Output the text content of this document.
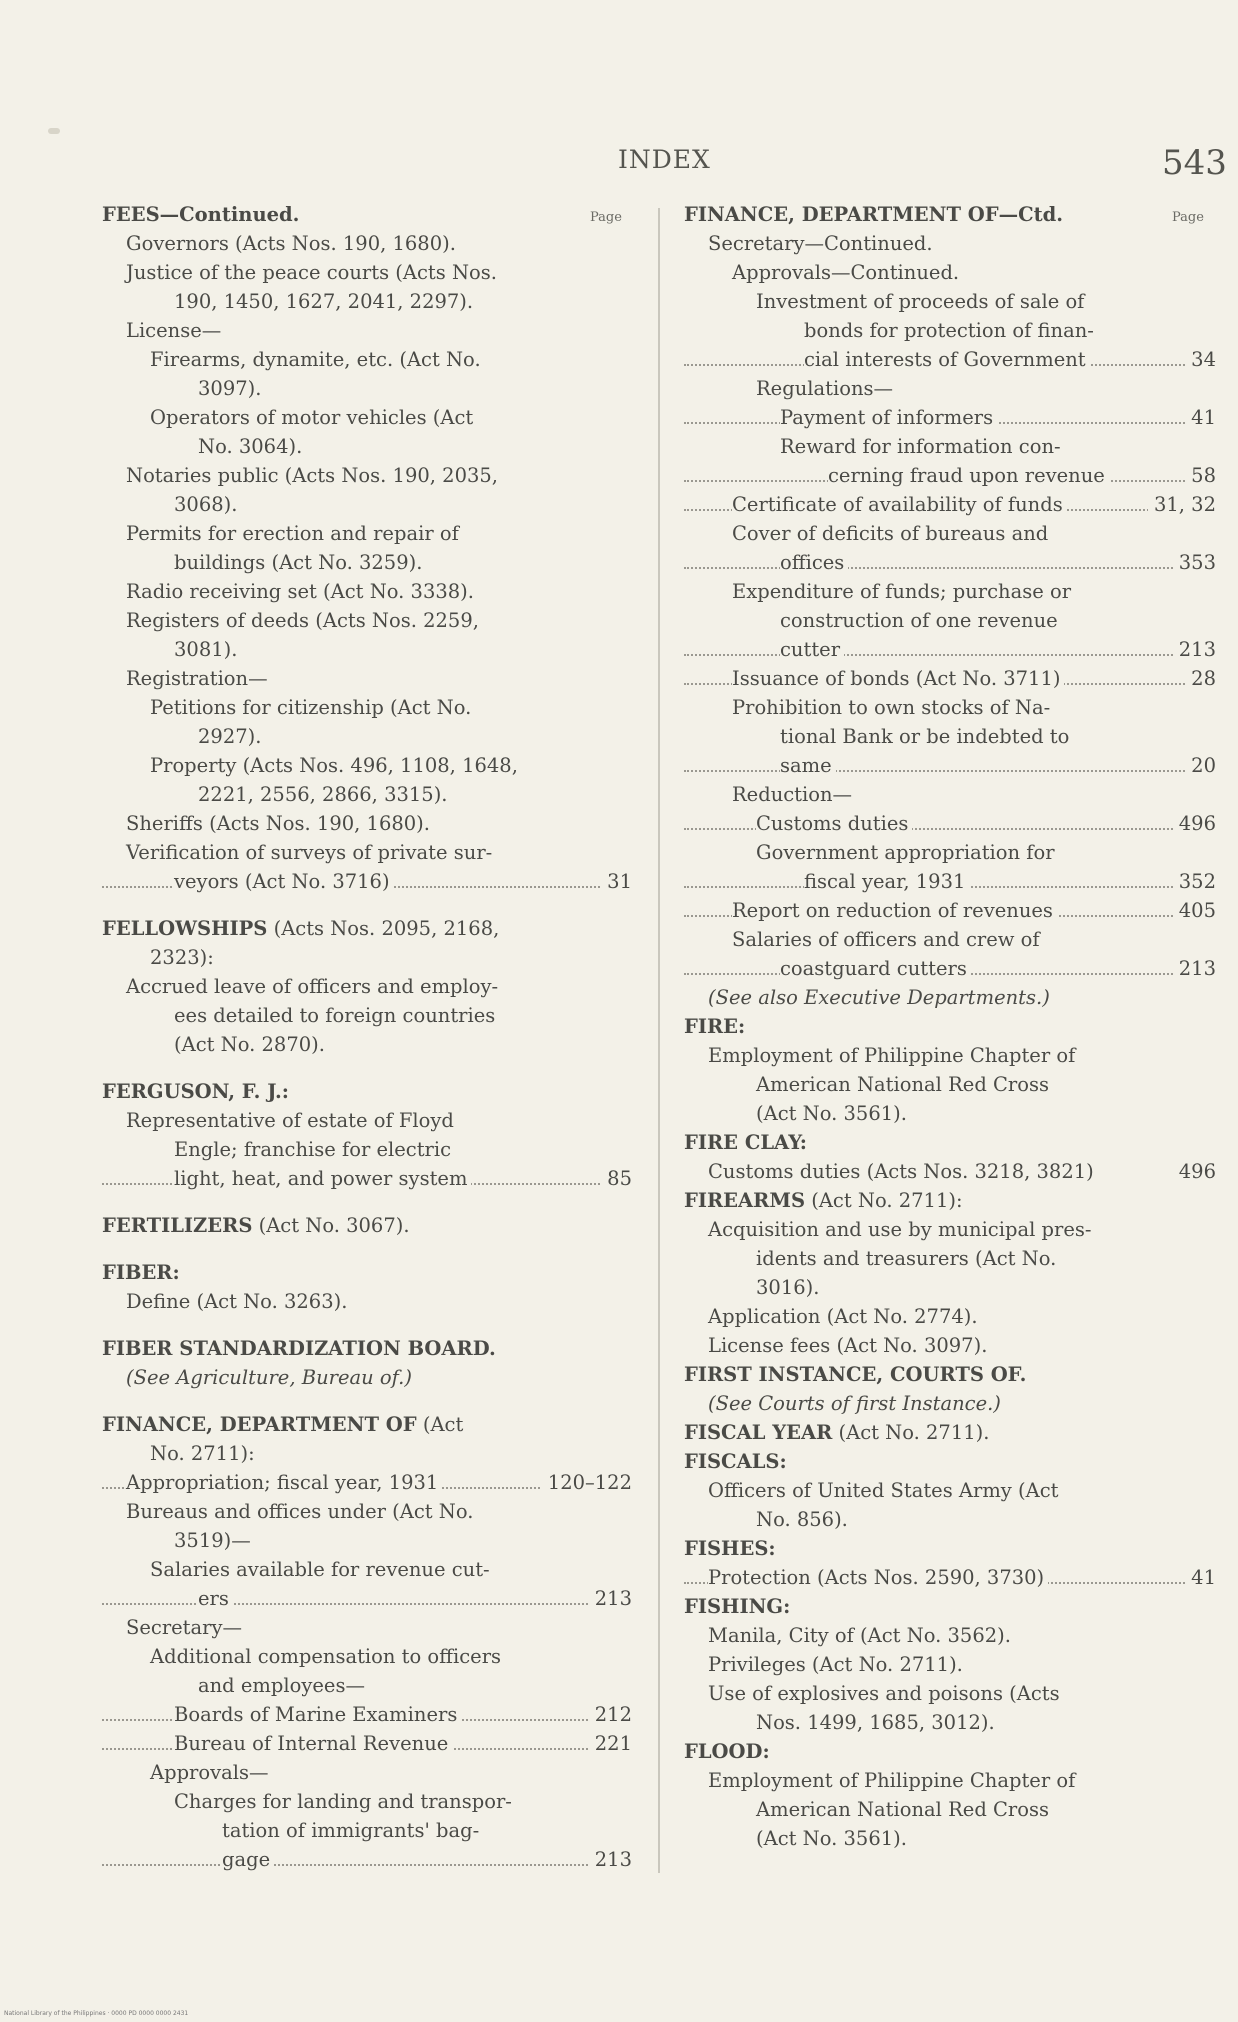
INDEX	543
Page	Page
FEES—Continued.
Governors (Acts Nos. 190, 1680).
Justice of the peace courts (Acts Nos.
190, 1450, 1627, 2041, 2297).
License—
Firearms, dynamite, etc. (Act No.
3097).
Operators of motor vehicles (Act
No. 3064).
Notaries public (Acts Nos. 190, 2035,
3068).
Permits for erection and repair of
buildings (Act No. 3259).
Radio receiving set (Act No. 3338).
Registers of deeds (Acts Nos. 2259,
3081).
Registration—
Petitions for citizenship (Act No.
2927).
Property (Acts Nos. 496, 1108, 1648,
2221, 2556, 2866, 3315).
Sheriffs (Acts Nos. 190, 1680).
Verification of surveys of private sur-
veyors (Act No. 3716)	31
FELLOWSHIPS (Acts Nos. 2095, 2168,
2323):
Accrued leave of officers and employ-
ees detailed to foreign countries
(Act No. 2870).
FERGUSON, F. J.:
Representative of estate of Floyd
Engle; franchise for electric
light, heat, and power system	85
FERTILIZERS (Act No. 3067).
FIBER:
Define (Act No. 3263).
FIBER STANDARDIZATION BOARD.
(See Agriculture, Bureau of.)
FINANCE, DEPARTMENT OF (Act
No. 2711):
Appropriation; fiscal year, 1931	120–122
Bureaus and offices under (Act No.
3519)—
Salaries available for revenue cut-
ers	213
Secretary—
Additional compensation to officers
and employees—
Boards of Marine Examiners	212
Bureau of Internal Revenue	221
Approvals—
Charges for landing and transpor-
tation of immigrants' bag-
gage	213
FINANCE, DEPARTMENT OF—Ctd.
Secretary—Continued.
Approvals—Continued.
Investment of proceeds of sale of
bonds for protection of finan-
cial interests of Government	34
Regulations—
Payment of informers	41
Reward for information con-
cerning fraud upon revenue	58
Certificate of availability of funds	31, 32
Cover of deficits of bureaus and
offices	353
Expenditure of funds; purchase or
construction of one revenue
cutter	213
Issuance of bonds (Act No. 3711)	28
Prohibition to own stocks of Na-
tional Bank or be indebted to
same	20
Reduction—
Customs duties	496
Government appropriation for
fiscal year, 1931	352
Report on reduction of revenues	405
Salaries of officers and crew of
coastguard cutters	213
(See also Executive Departments.)
FIRE:
Employment of Philippine Chapter of
American National Red Cross
(Act No. 3561).
FIRE CLAY:
Customs duties (Acts Nos. 3218, 3821)	496
FIREARMS (Act No. 2711):
Acquisition and use by municipal pres-
idents and treasurers (Act No.
3016).
Application (Act No. 2774).
License fees (Act No. 3097).
FIRST INSTANCE, COURTS OF.
(See Courts of first Instance.)
FISCAL YEAR (Act No. 2711).
FISCALS:
Officers of United States Army (Act
No. 856).
FISHES:
Protection (Acts Nos. 2590, 3730)	41
FISHING:
Manila, City of (Act No. 3562).
Privileges (Act No. 2711).
Use of explosives and poisons (Acts
Nos. 1499, 1685, 3012).
FLOOD:
Employment of Philippine Chapter of
American National Red Cross
(Act No. 3561).
National Library of the Philippines · 0000 PD 0000 0000 2431
